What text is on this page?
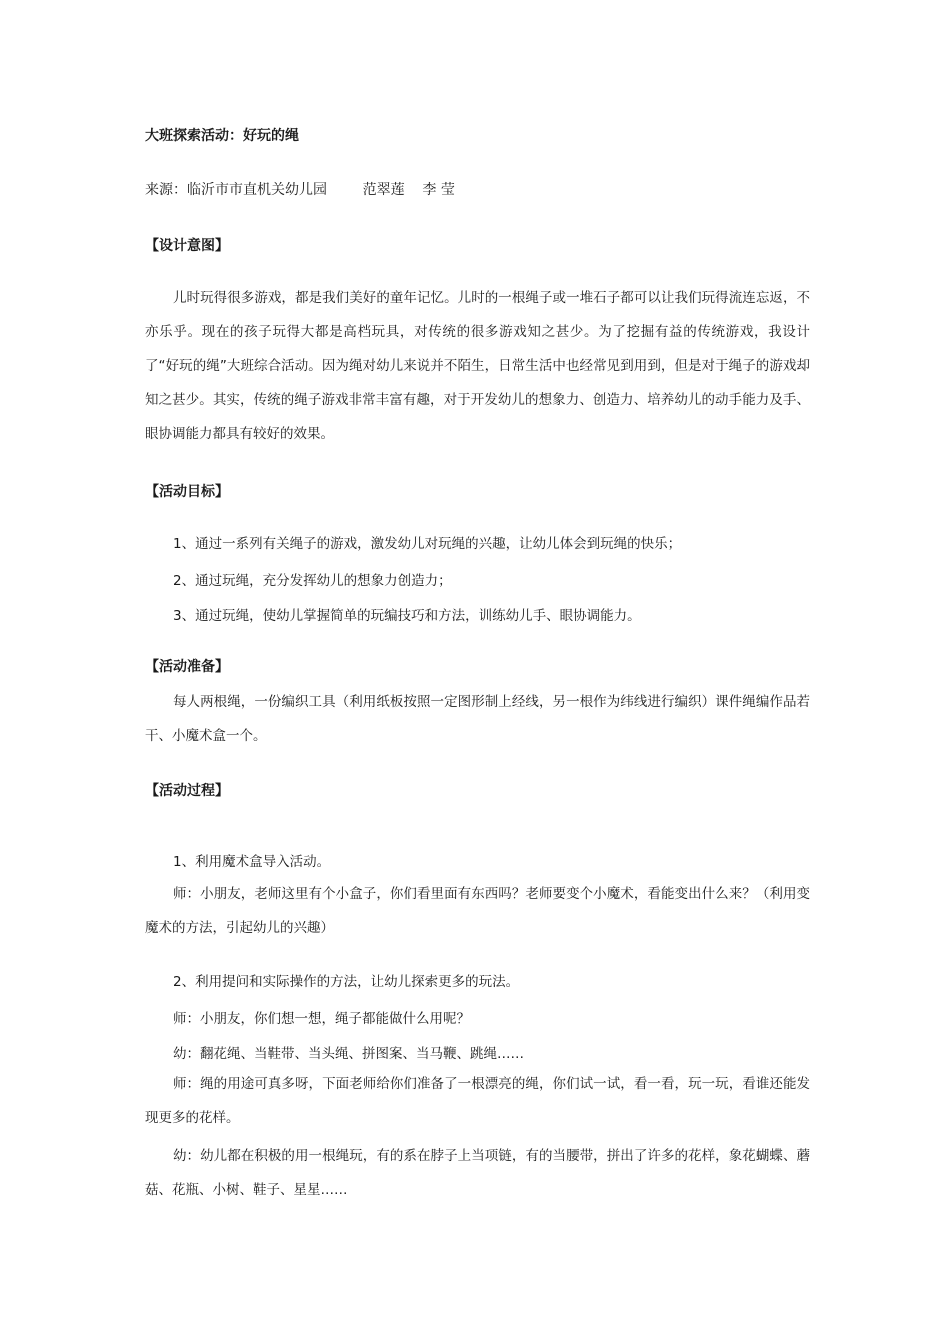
大班探索活动：好玩的绳

来源：临沂市市直机关幼儿园        范翠莲    李 莹

【设计意图】

儿时玩得很多游戏，都是我们美好的童年记忆。儿时的一根绳子或一堆石子都可以让我们玩得流连忘返，不亦乐乎。现在的孩子玩得大都是高档玩具，对传统的很多游戏知之甚少。为了挖掘有益的传统游戏，我设计了“好玩的绳”大班综合活动。因为绳对幼儿来说并不陌生，日常生活中也经常见到用到，但是对于绳子的游戏却知之甚少。其实，传统的绳子游戏非常丰富有趣，对于开发幼儿的想象力、创造力、培养幼儿的动手能力及手、眼协调能力都具有较好的效果。

【活动目标】

1、通过一系列有关绳子的游戏，激发幼儿对玩绳的兴趣，让幼儿体会到玩绳的快乐；

2、通过玩绳，充分发挥幼儿的想象力创造力；

3、通过玩绳，使幼儿掌握简单的玩编技巧和方法，训练幼儿手、眼协调能力。

【活动准备】

每人两根绳，一份编织工具（利用纸板按照一定图形制上经线，另一根作为纬线进行编织）课件绳编作品若干、小魔术盒一个。

【活动过程】

1、利用魔术盒导入活动。

师：小朋友，老师这里有个小盒子，你们看里面有东西吗？老师要变个小魔术，看能变出什么来？（利用变魔术的方法，引起幼儿的兴趣）

2、利用提问和实际操作的方法，让幼儿探索更多的玩法。

师：小朋友，你们想一想，绳子都能做什么用呢？

幼：翻花绳、当鞋带、当头绳、拼图案、当马鞭、跳绳……

师：绳的用途可真多呀，下面老师给你们准备了一根漂亮的绳，你们试一试，看一看，玩一玩，看谁还能发现更多的花样。

幼：幼儿都在积极的用一根绳玩，有的系在脖子上当项链，有的当腰带，拼出了许多的花样，象花蝴蝶、蘑菇、花瓶、小树、鞋子、星星……
